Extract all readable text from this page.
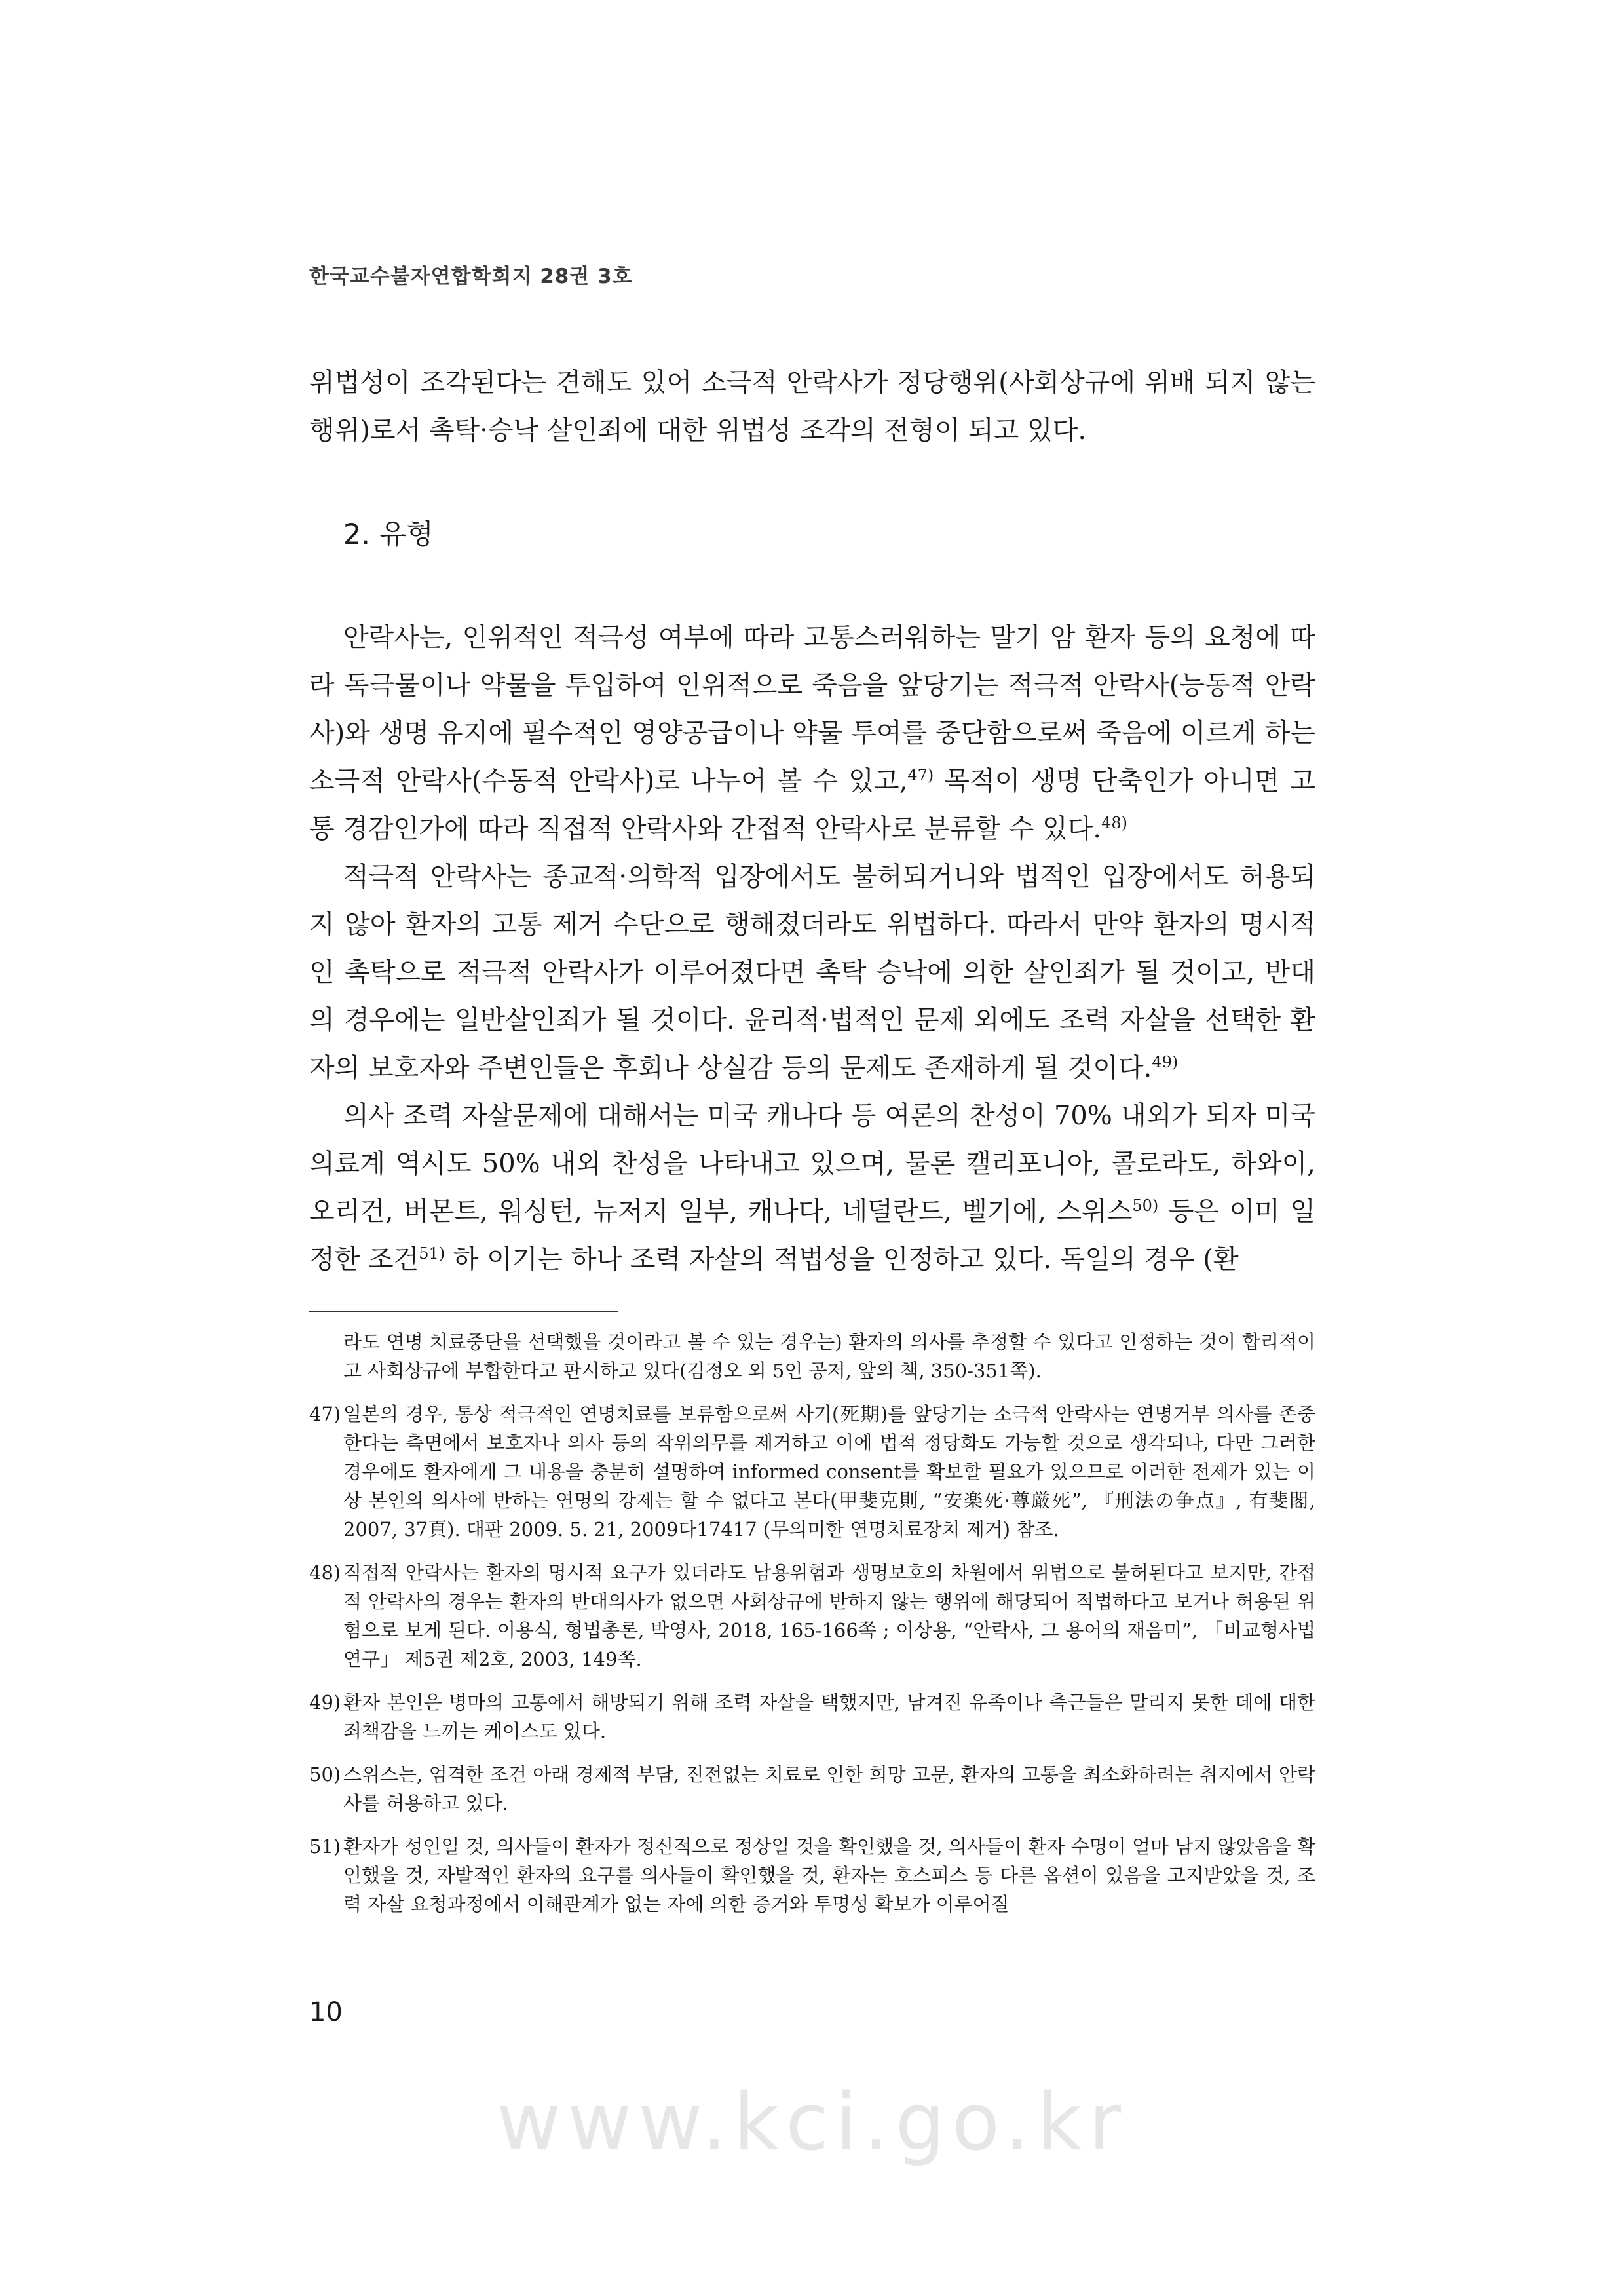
한국교수불자연합학회지 28권 3호

위법성이 조각된다는 견해도 있어 소극적 안락사가 정당행위(사회상규에 위배 되지 않는 행위)로서 촉탁·승낙 살인죄에 대한 위법성 조각의 전형이 되고 있다.

2. 유형

안락사는, 인위적인 적극성 여부에 따라 고통스러워하는 말기 암 환자 등의 요청에 따라 독극물이나 약물을 투입하여 인위적으로 죽음을 앞당기는 적극적 안락사(능동적 안락사)와 생명 유지에 필수적인 영양공급이나 약물 투여를 중단함으로써 죽음에 이르게 하는 소극적 안락사(수동적 안락사)로 나누어 볼 수 있고,$^{47)}$ 목적이 생명 단축인가 아니면 고통 경감인가에 따라 직접적 안락사와 간접적 안락사로 분류할 수 있다.$^{48)}$

적극적 안락사는 종교적·의학적 입장에서도 불허되거니와 법적인 입장에서도 허용되지 않아 환자의 고통 제거 수단으로 행해졌더라도 위법하다. 따라서 만약 환자의 명시적인 촉탁으로 적극적 안락사가 이루어졌다면 촉탁 승낙에 의한 살인죄가 될 것이고, 반대의 경우에는 일반살인죄가 될 것이다. 윤리적·법적인 문제 외에도 조력 자살을 선택한 환자의 보호자와 주변인들은 후회나 상실감 등의 문제도 존재하게 될 것이다.$^{49)}$

의사 조력 자살문제에 대해서는 미국 캐나다 등 여론의 찬성이 70% 내외가 되자 미국 의료계 역시도 50% 내외 찬성을 나타내고 있으며, 물론 캘리포니아, 콜로라도, 하와이, 오리건, 버몬트, 워싱턴, 뉴저지 일부, 캐나다, 네덜란드, 벨기에, 스위스$^{50)}$ 등은 이미 일정한 조건$^{51)}$ 하 이기는 하나 조력 자살의 적법성을 인정하고 있다. 독일의 경우 (환

라도 연명 치료중단을 선택했을 것이라고 볼 수 있는 경우는) 환자의 의사를 추정할 수 있다고 인정하는 것이 합리적이고 사회상규에 부합한다고 판시하고 있다(김정오 외 5인 공저, 앞의 책, 350-351쪽).

47) 일본의 경우, 통상 적극적인 연명치료를 보류함으로써 사기(死期)를 앞당기는 소극적 안락사는 연명거부 의사를 존중한다는 측면에서 보호자나 의사 등의 작위의무를 제거하고 이에 법적 정당화도 가능할 것으로 생각되나, 다만 그러한 경우에도 환자에게 그 내용을 충분히 설명하여 informed consent를 확보할 필요가 있으므로 이러한 전제가 있는 이상 본인의 의사에 반하는 연명의 강제는 할 수 없다고 본다(甲斐克則, “安楽死·尊厳死”, 『刑法の争点』, 有斐閣, 2007, 37頁). 대판 2009. 5. 21, 2009다17417 (무의미한 연명치료장치 제거) 참조.
48) 직접적 안락사는 환자의 명시적 요구가 있더라도 남용위험과 생명보호의 차원에서 위법으로 불허된다고 보지만, 간접적 안락사의 경우는 환자의 반대의사가 없으면 사회상규에 반하지 않는 행위에 해당되어 적법하다고 보거나 허용된 위험으로 보게 된다. 이용식, 형법총론, 박영사, 2018, 165-166쪽 ; 이상용, “안락사, 그 용어의 재음미”, 「비교형사법연구」 제5권 제2호, 2003, 149쪽.
49) 환자 본인은 병마의 고통에서 해방되기 위해 조력 자살을 택했지만, 남겨진 유족이나 측근들은 말리지 못한 데에 대한 죄책감을 느끼는 케이스도 있다.
50) 스위스는, 엄격한 조건 아래 경제적 부담, 진전없는 치료로 인한 희망 고문, 환자의 고통을 최소화하려는 취지에서 안락사를 허용하고 있다.
51) 환자가 성인일 것, 의사들이 환자가 정신적으로 정상일 것을 확인했을 것, 의사들이 환자 수명이 얼마 남지 않았음을 확인했을 것, 자발적인 환자의 요구를 의사들이 확인했을 것, 환자는 호스피스 등 다른 옵션이 있음을 고지받았을 것, 조력 자살 요청과정에서 이해관계가 없는 자에 의한 증거와 투명성 확보가 이루어질
10
www.kci.go.kr
